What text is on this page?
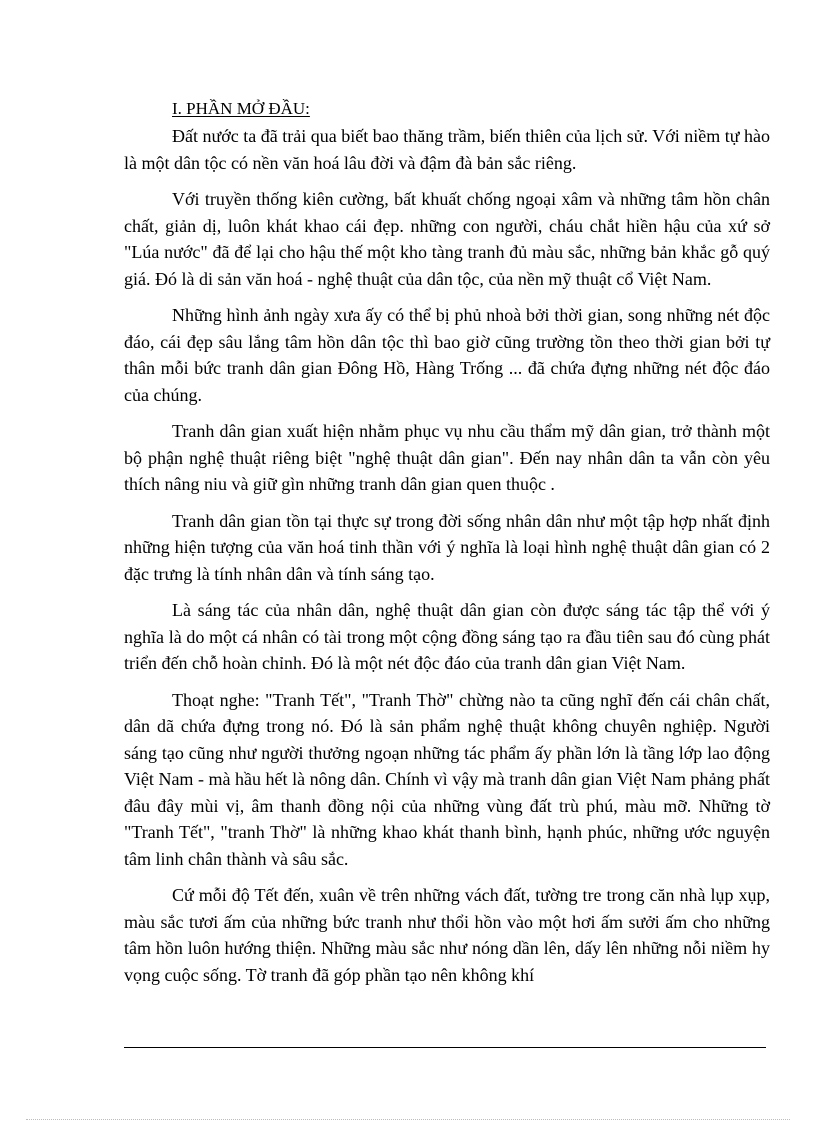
I. PHẦN MỞ ĐẦU:

Đất nước ta đã trải qua biết bao thăng trầm, biến thiên của lịch sử. Với niềm tự hào là một dân tộc có nền văn hoá lâu đời và đậm đà bản sắc riêng.

Với truyền thống kiên cường, bất khuất chống ngoại xâm và những tâm hồn chân chất, giản dị, luôn khát khao cái đẹp. những con người, cháu chắt hiền hậu của xứ sở "Lúa nước" đã để lại cho hậu thế một kho tàng tranh đủ màu sắc, những bản khắc gỗ quý giá. Đó là di sản văn hoá - nghệ thuật của dân tộc, của nền mỹ thuật cổ Việt Nam.

Những hình ảnh ngày xưa ấy có thể bị phủ nhoà bởi thời gian, song những nét độc đáo, cái đẹp sâu lắng tâm hồn dân tộc thì bao giờ cũng trường tồn theo thời gian bởi tự thân mỗi bức tranh dân gian Đông Hồ, Hàng Trống ... đã chứa đựng những nét độc đáo của chúng.

Tranh dân gian xuất hiện nhằm phục vụ nhu cầu thẩm mỹ dân gian, trở thành một bộ phận nghệ thuật riêng biệt "nghệ thuật dân gian". Đến nay nhân dân ta vẫn còn yêu thích nâng niu và giữ gìn những tranh dân gian quen thuộc .

Tranh dân gian tồn tại thực sự trong đời sống nhân dân như một tập hợp nhất định những hiện tượng của văn hoá tinh thần với ý nghĩa là loại hình nghệ thuật dân gian có 2 đặc trưng là tính nhân dân và tính sáng tạo.

Là sáng tác của nhân dân, nghệ thuật dân gian còn được sáng tác tập thể với ý nghĩa là do một cá nhân có tài trong một cộng đồng sáng tạo ra đầu tiên sau đó cùng phát triển đến chỗ hoàn chỉnh. Đó là một nét độc đáo của tranh dân gian Việt Nam.

Thoạt nghe: "Tranh Tết", "Tranh Thờ" chừng nào ta cũng nghĩ đến cái chân chất, dân dã chứa đựng trong nó. Đó là sản phẩm nghệ thuật không chuyên nghiệp. Người sáng tạo cũng như người thưởng ngoạn những tác phẩm ấy phần lớn là tầng lớp lao động Việt Nam - mà hầu hết là nông dân. Chính vì vậy mà tranh dân gian Việt Nam phảng phất đâu đây mùi vị, âm thanh đồng nội của những vùng đất trù phú, màu mỡ. Những tờ "Tranh Tết", "tranh Thờ" là những khao khát thanh bình, hạnh phúc, những ước nguyện tâm linh chân thành và sâu sắc.

Cứ mỗi độ Tết đến, xuân về trên những vách đất, tường tre trong căn nhà lụp xụp, màu sắc tươi ấm của những bức tranh như thổi hồn vào một hơi ấm sưởi ấm cho những tâm hồn luôn hướng thiện. Những màu sắc như nóng dần lên, dấy lên những nỗi niềm hy vọng cuộc sống. Tờ tranh đã góp phần tạo nên không khí
